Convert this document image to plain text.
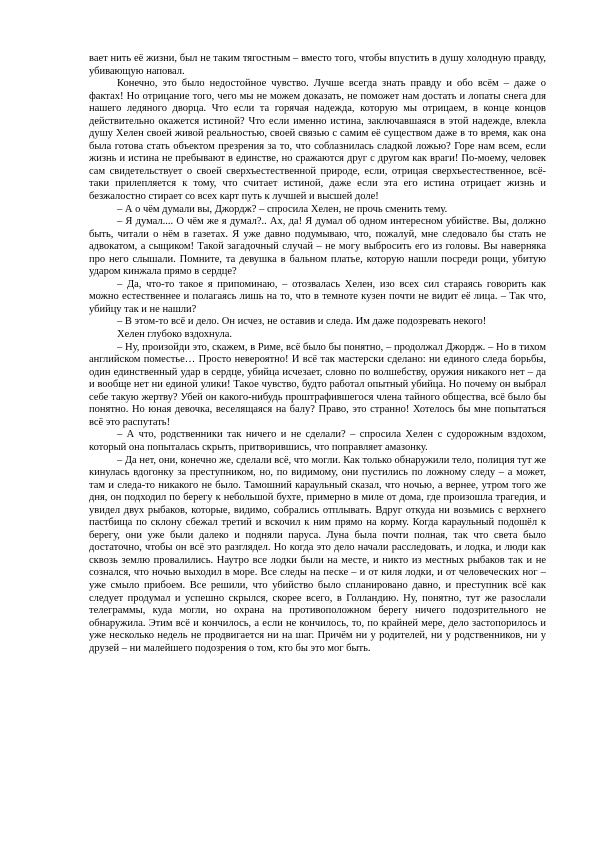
вает нить её жизни, был не таким тягостным – вместо того, чтобы впустить в душу холодную правду, убивающую наповал.

Конечно, это было недостойное чувство. Лучше всегда знать правду и обо всём – даже о фактах! Но отрицание того, чего мы не можем доказать, не поможет нам достать и лопаты снега для нашего ледяного дворца. Что если та горячая надежда, которую мы отрицаем, в конце концов действительно окажется истиной? Что если именно истина, заключавшаяся в этой надежде, влекла душу Хелен своей живой реальностью, своей связью с самим её существом даже в то время, как она была готова стать объектом презрения за то, что соблазнилась сладкой ложью? Горе нам всем, если жизнь и истина не пребывают в единстве, но сражаются друг с другом как враги! По-моему, человек сам свидетельствует о своей сверхъестественной природе, если, отрицая сверхъестественное, всё-таки прилепляется к тому, что считает истиной, даже если эта его истина отрицает жизнь и безжалостно стирает со всех карт путь к лучшей и высшей доле!

– А о чём думали вы, Джордж? – спросила Хелен, не прочь сменить тему.

– Я думал.... О чём же я думал?.. Ах, да! Я думал об одном интересном убийстве. Вы, должно быть, читали о нём в газетах. Я уже давно подумываю, что, пожалуй, мне следовало бы стать не адвокатом, а сыщиком! Такой загадочный случай – не могу выбросить его из головы. Вы наверняка про него слышали. Помните, та девушка в бальном платье, которую нашли посреди рощи, убитую ударом кинжала прямо в сердце?

– Да, что-то такое я припоминаю, – отозвалась Хелен, изо всех сил стараясь говорить как можно естественнее и полагаясь лишь на то, что в темноте кузен почти не видит её лица. – Так что, убийцу так и не нашли?

– В этом-то всё и дело. Он исчез, не оставив и следа. Им даже подозревать некого!

Хелен глубоко вздохнула.

– Ну, произойди это, скажем, в Риме, всё было бы понятно, – продолжал Джордж. – Но в тихом английском поместье… Просто невероятно! И всё так мастерски сделано: ни единого следа борьбы, один единственный удар в сердце, убийца исчезает, словно по волшебству, оружия никакого нет – да и вообще нет ни единой улики! Такое чувство, будто работал опытный убийца. Но почему он выбрал себе такую жертву? Убей он какого-нибудь проштрафившегося члена тайного общества, всё было бы понятно. Но юная девочка, веселящаяся на балу? Право, это странно! Хотелось бы мне попытаться всё это распутать!

– А что, родственники так ничего и не сделали? – спросила Хелен с судорожным вздохом, который она попыталась скрыть, притворившись, что поправляет амазонку.

– Да нет, они, конечно же, сделали всё, что могли. Как только обнаружили тело, полиция тут же кинулась вдогонку за преступником, но, по видимому, они пустились по ложному следу – а может, там и следа-то никакого не было. Тамошний караульный сказал, что ночью, а вернее, утром того же дня, он подходил по берегу к небольшой бухте, примерно в миле от дома, где произошла трагедия, и увидел двух рыбаков, которые, видимо, собрались отплывать. Вдруг откуда ни возьмись с верхнего пастбища по склону сбежал третий и вскочил к ним прямо на корму. Когда караульный подошёл к берегу, они уже были далеко и подняли паруса. Луна была почти полная, так что света было достаточно, чтобы он всё это разглядел. Но когда это дело начали расследовать, и лодка, и люди как сквозь землю провалились. Наутро все лодки были на месте, и никто из местных рыбаков так и не сознался, что ночью выходил в море. Все следы на песке – и от киля лодки, и от человеческих ног – уже смыло прибоем. Все решили, что убийство было спланировано давно, и преступник всё как следует продумал и успешно скрылся, скорее всего, в Голландию. Ну, понятно, тут же разослали телеграммы, куда могли, но охрана на противоположном берегу ничего подозрительного не обнаружила. Этим всё и кончилось, а если не кончилось, то, по крайней мере, дело застопорилось и уже несколько недель не продвигается ни на шаг. Причём ни у родителей, ни у родственников, ни у друзей – ни малейшего подозрения о том, кто бы это мог быть.
